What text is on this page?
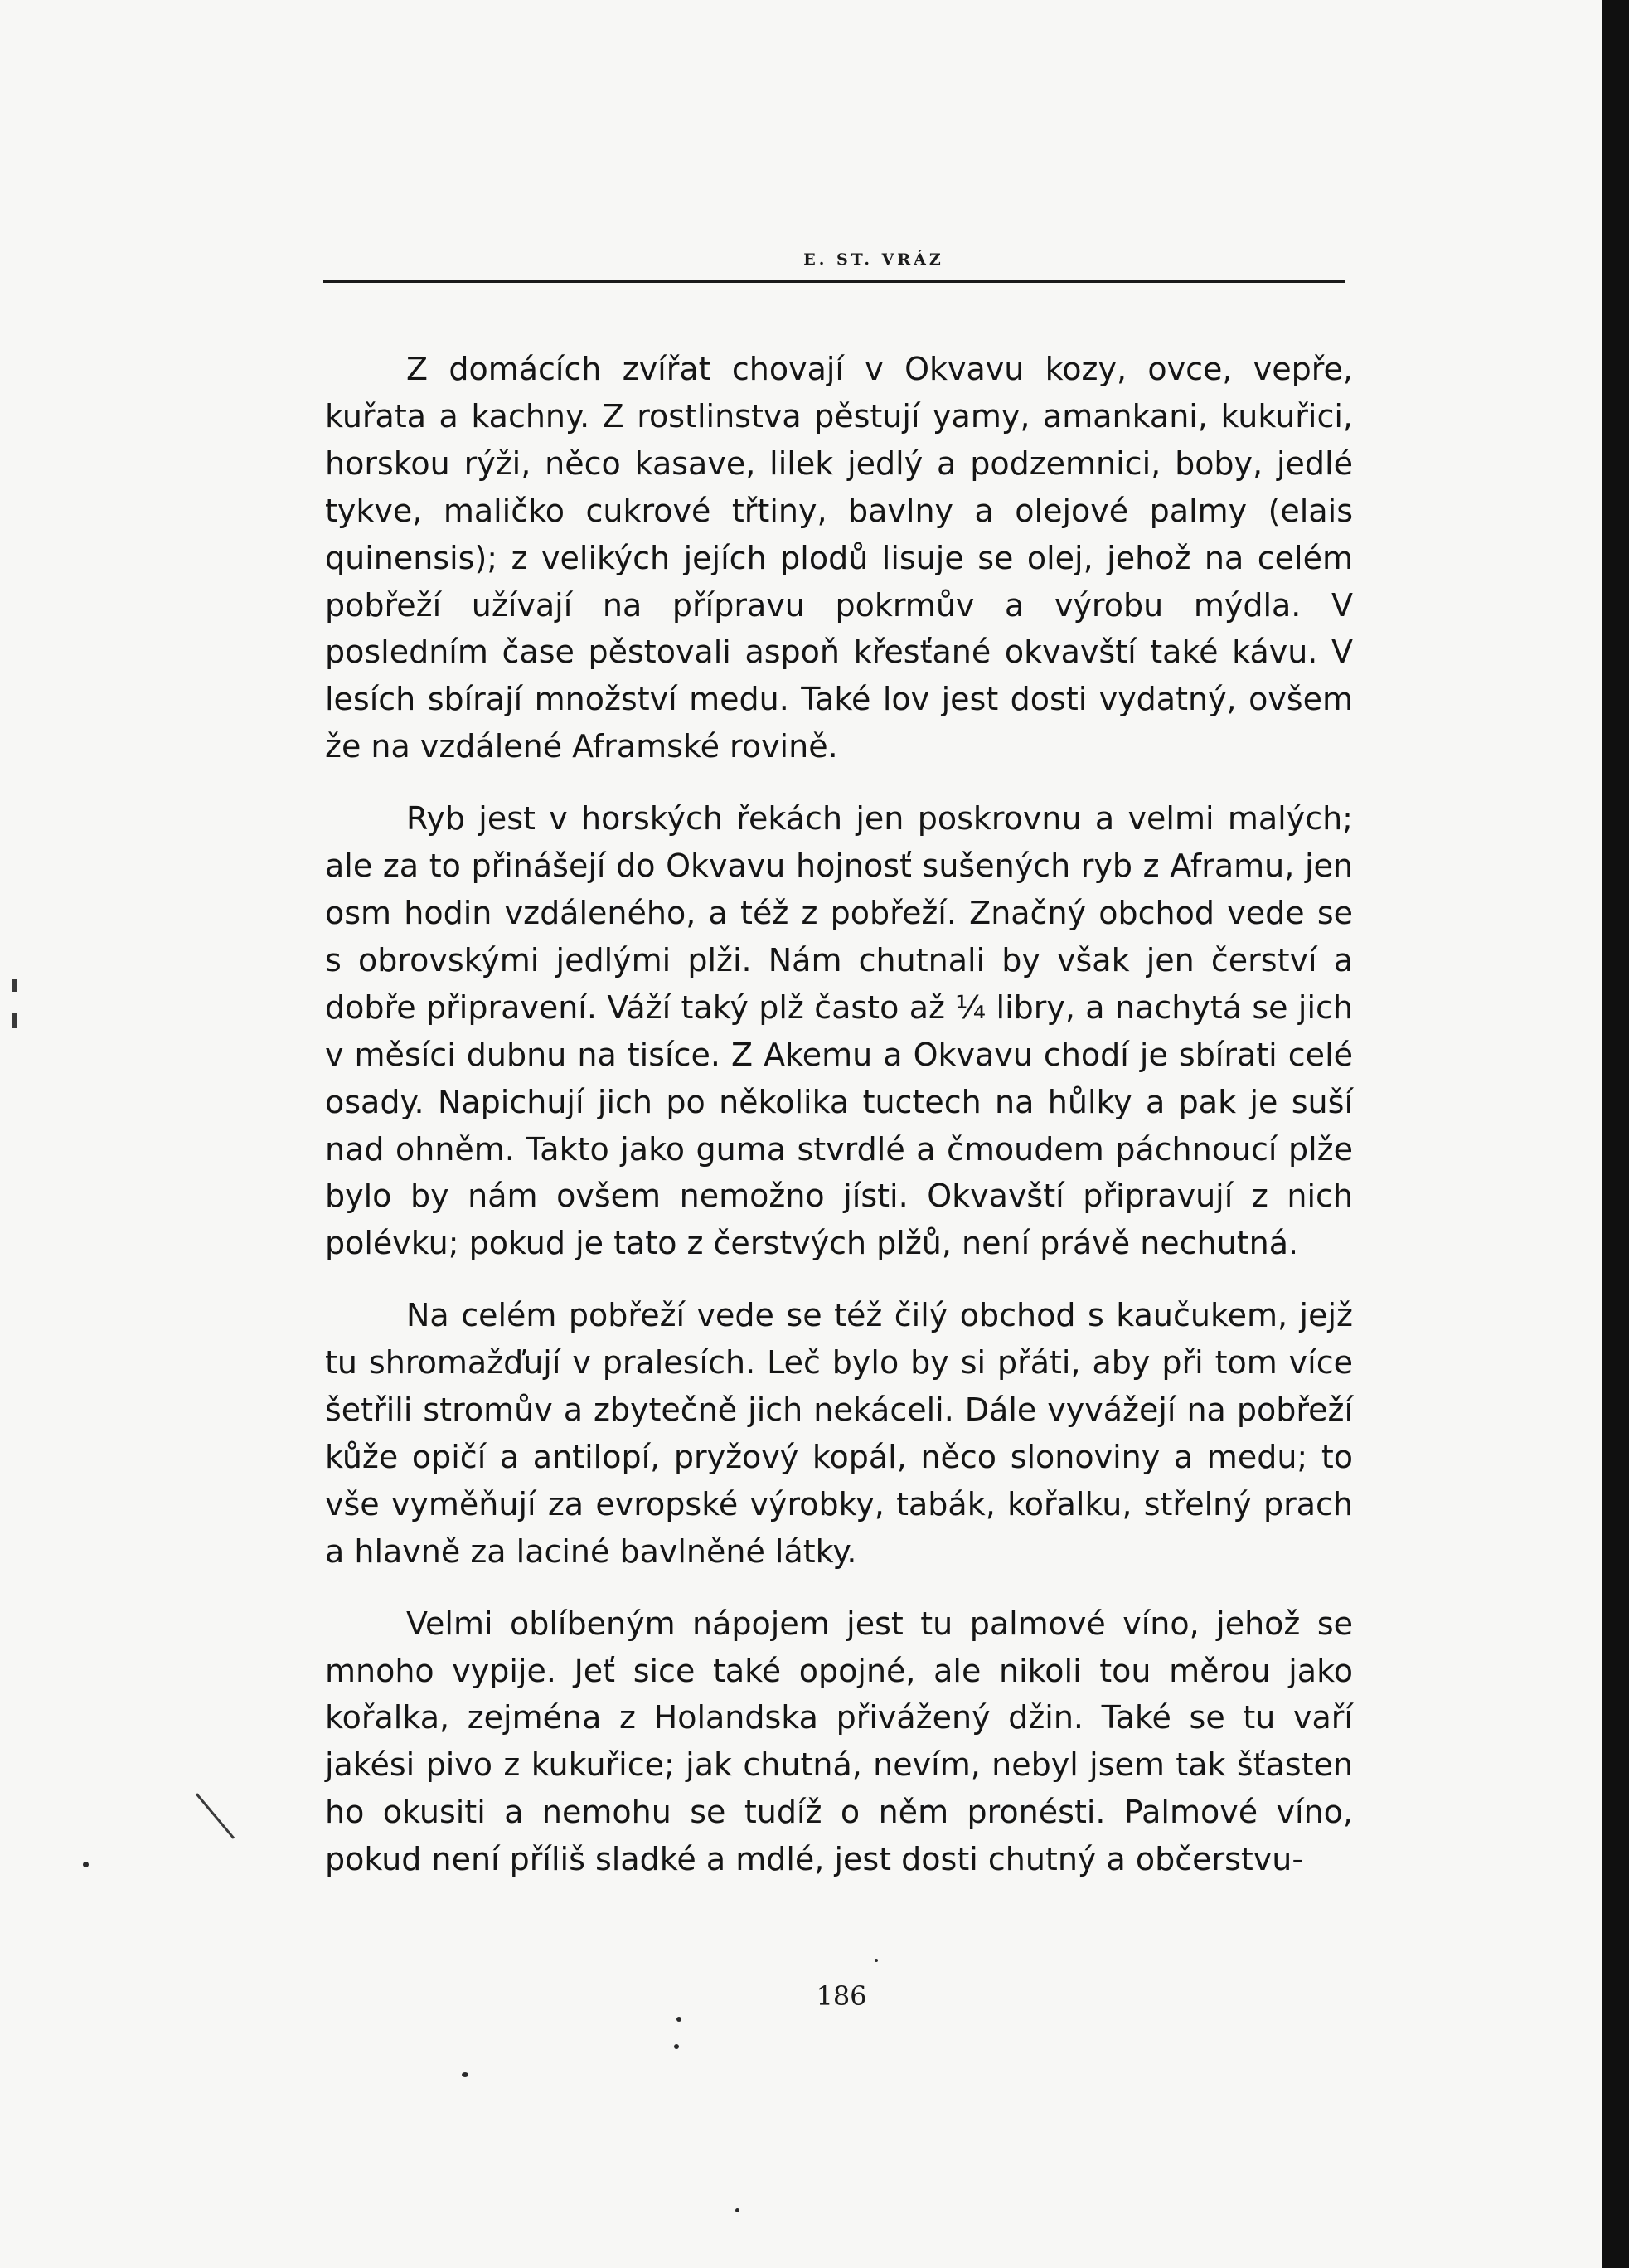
E. ST. VRÁZ

Z domácích zvířat chovají v Okvavu kozy, ovce, vepře, kuřata a kachny. Z rostlinstva pěstují yamy, amankani, kukuřici, horskou rýži, něco kasave, lilek jedlý a podzemnici, boby, jedlé tykve, maličko cukrové třtiny, bavlny a olejové palmy (elais quinensis); z velikých jejích plodů lisuje se olej, jehož na celém pobřeží užívají na přípravu pokrmův a výrobu mýdla. V posledním čase pěstovali aspoň křesťané okvavští také kávu. V lesích sbírají množství medu. Také lov jest dosti vydatný, ovšem že na vzdálené Aframské rovině.

Ryb jest v horských řekách jen poskrovnu a velmi malých; ale za to přinášejí do Okvavu hojnosť sušených ryb z Aframu, jen osm hodin vzdáleného, a též z pobřeží. Značný obchod vede se s obrovskými jedlými plži. Nám chutnali by však jen čerství a dobře připravení. Váží taký plž často až ¼ libry, a nachytá se jich v měsíci dubnu na tisíce. Z Akemu a Okvavu chodí je sbírati celé osady. Napichují jich po několika tuctech na hůlky a pak je suší nad ohněm. Takto jako guma stvrdlé a čmoudem páchnoucí plže bylo by nám ovšem nemožno jísti. Okvavští připravují z nich polévku; pokud je tato z čerstvých plžů, není právě nechutná.

Na celém pobřeží vede se též čilý obchod s kaučukem, jejž tu shromažďují v pralesích. Leč bylo by si přáti, aby při tom více šetřili stromův a zbytečně jich nekáceli. Dále vyvážejí na pobřeží kůže opičí a antilopí, pryžový kopál, něco slonoviny a medu; to vše vyměňují za evropské výrobky, tabák, kořalku, střelný prach a hlavně za laciné bavlněné látky.

Velmi oblíbeným nápojem jest tu palmové víno, jehož se mnoho vypije. Jeť sice také opojné, ale nikoli tou měrou jako kořalka, zejména z Holandska přivážený džin. Také se tu vaří jakési pivo z kukuřice; jak chutná, nevím, nebyl jsem tak šťasten ho okusiti a nemohu se tudíž o něm pronésti. Palmové víno, pokud není příliš sladké a mdlé, jest dosti chutný a občerstvu-

186
